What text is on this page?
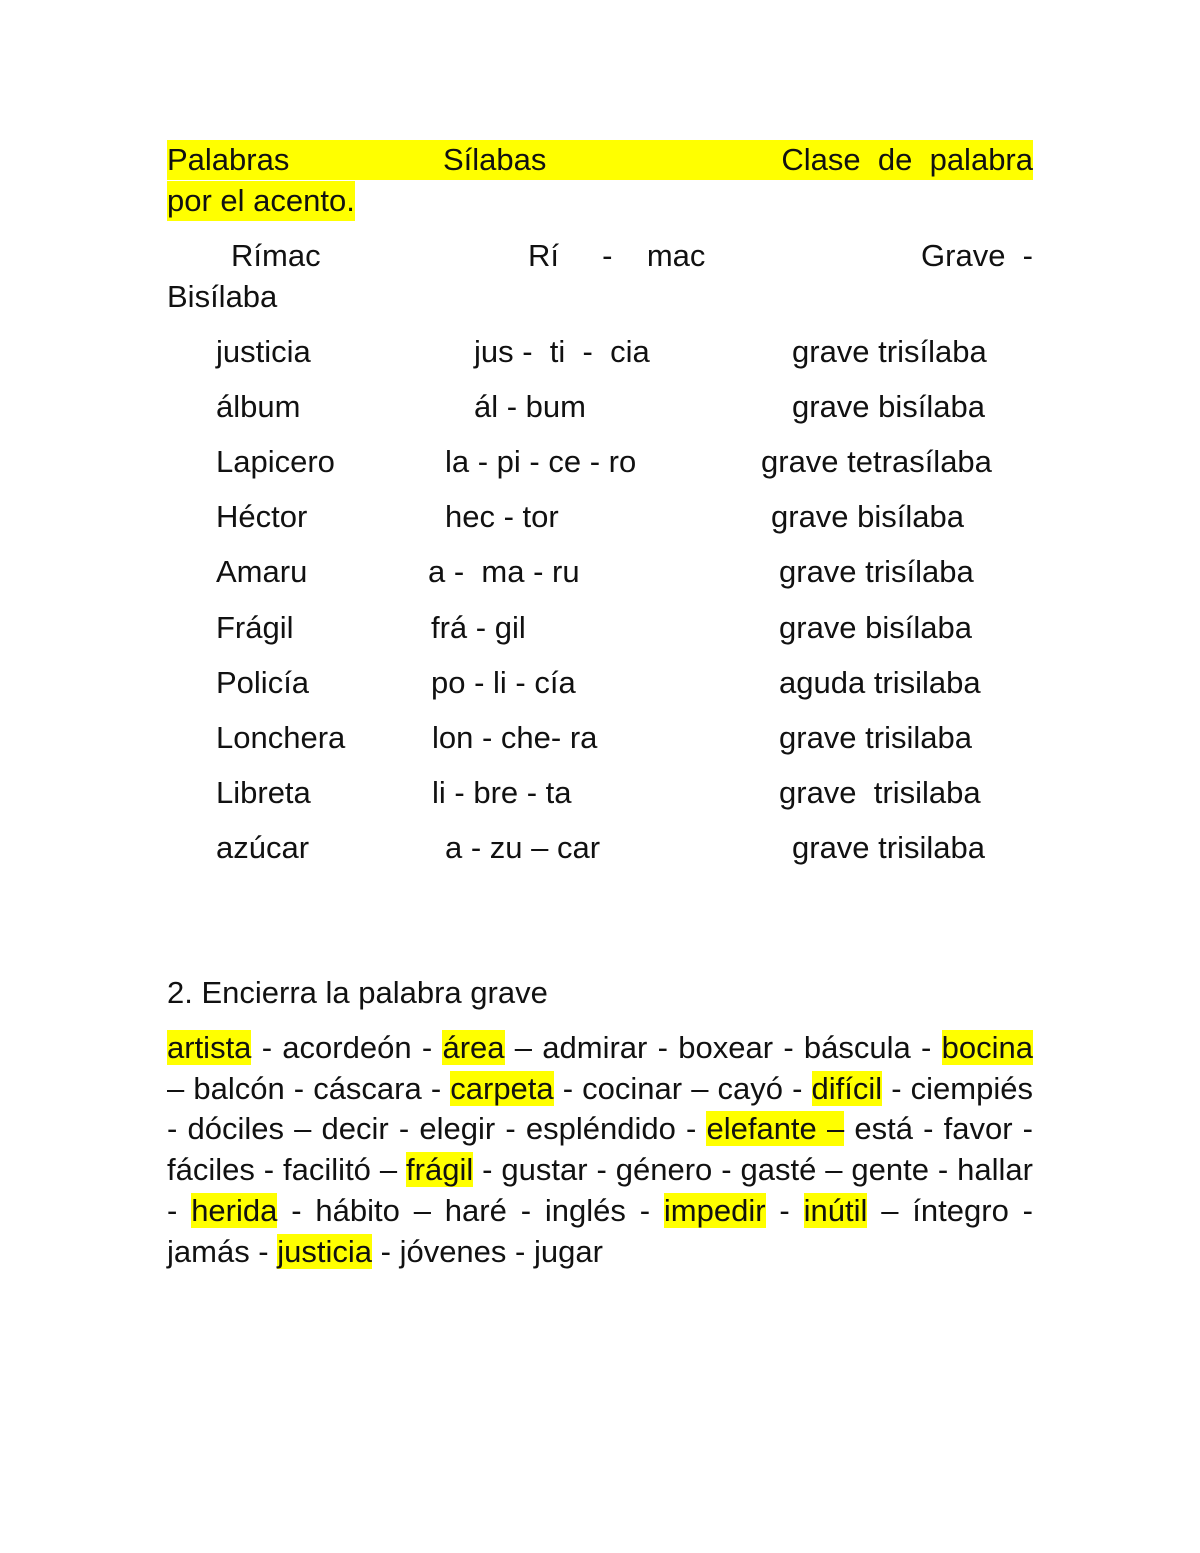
Palabras	Sílabas	Clase  de  palabra
por el acento.
Rímac	Rí     -    mac	Grave  -
Bisílaba
justicia	jus -  ti  -  cia	grave trisílaba
álbum	ál - bum	grave bisílaba
Lapicero	la - pi - ce - ro	grave tetrasílaba
Héctor	hec - tor	grave bisílaba
Amaru	a -  ma - ru	grave trisílaba
Frágil	frá - gil	grave bisílaba
Policía	po - li - cía	aguda trisilaba
Lonchera	lon - che- ra	grave trisilaba
Libreta	li - bre - ta	grave  trisilaba
azúcar	a - zu – car	grave trisilaba
2. Encierra la palabra grave
artista - acordeón - área – admirar - boxear - báscula - bocina – balcón - cáscara - carpeta - cocinar – cayó - difícil - ciempiés - dóciles – decir - elegir - espléndido - elefante – está - favor - fáciles - facilitó – frágil - gustar - género - gasté – gente - hallar - herida - hábito – haré - inglés - impedir - inútil – íntegro - jamás - justicia - jóvenes - jugar
